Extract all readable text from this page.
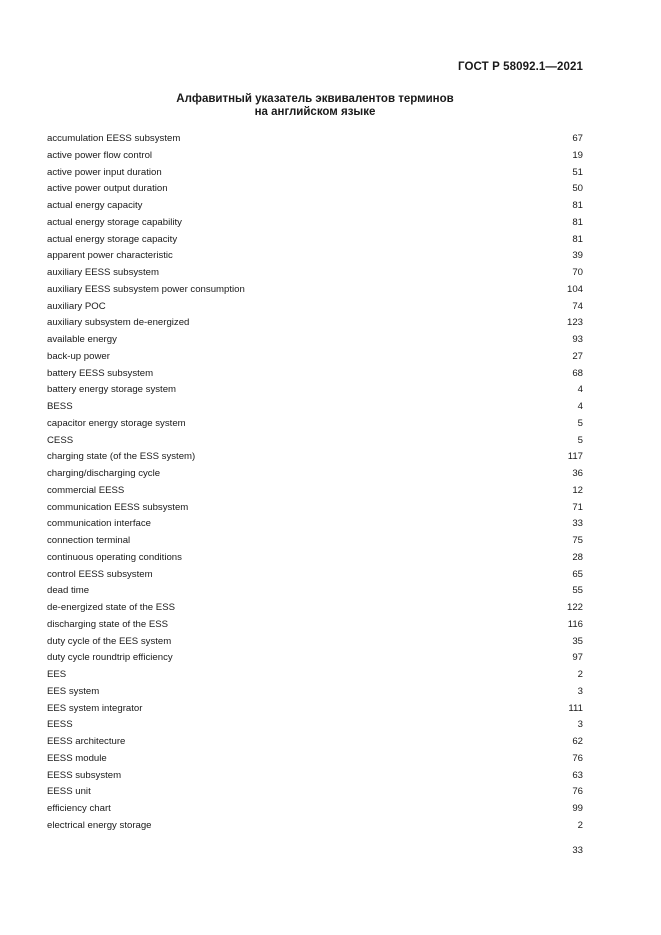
ГОСТ Р 58092.1—2021
Алфавитный указатель эквивалентов терминов
на английском языке
accumulation EESS subsystem	67
active power flow control	19
active power input duration	51
active power output duration	50
actual energy capacity	81
actual energy storage capability	81
actual energy storage capacity	81
apparent power characteristic	39
auxiliary EESS subsystem	70
auxiliary EESS subsystem power consumption	104
auxiliary POC	74
auxiliary subsystem de-energized	123
available energy	93
back-up power	27
battery EESS subsystem	68
battery energy storage system	4
BESS	4
capacitor energy storage system	5
CESS	5
charging state (of the ESS system)	117
charging/discharging cycle	36
commercial EESS	12
communication EESS subsystem	71
communication interface	33
connection terminal	75
continuous operating conditions	28
control EESS subsystem	65
dead time	55
de-energized state of the ESS	122
discharging state of the ESS	116
duty cycle of the EES system	35
duty cycle roundtrip efficiency	97
EES	2
EES system	3
EES system integrator	111
EESS	3
EESS architecture	62
EESS module	76
EESS subsystem	63
EESS unit	76
efficiency chart	99
electrical energy storage	2
33
